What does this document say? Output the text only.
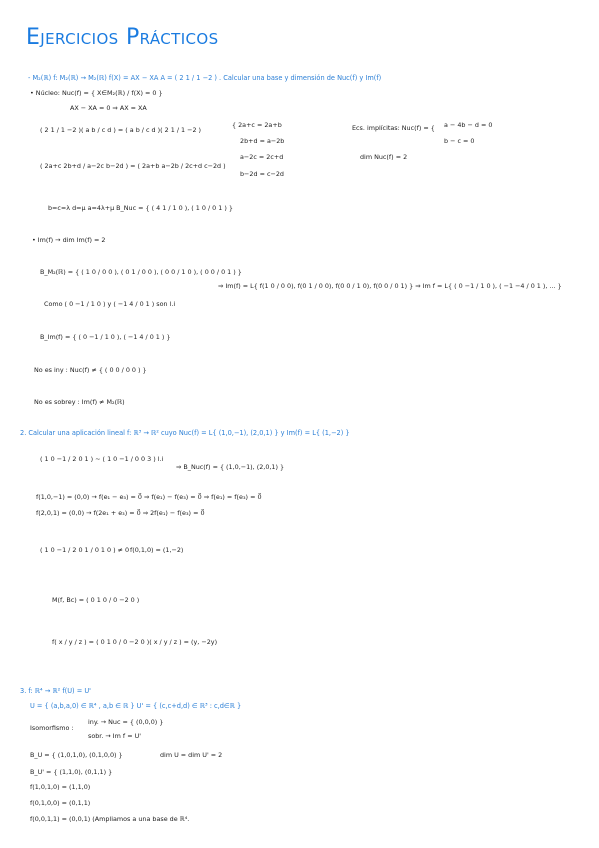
Ejercicios Prácticos
- M₂(ℝ) f: M₂(ℝ) → M₂(ℝ) f(X) = AX − XA A = ( 2 1 / 1 −2 ) . Calcular una base y dimensión de Nuc(f) y Im(f)
• Núcleo: Nuc(f) = { X∈M₂(ℝ) / f(X) = 0 }
AX − XA = 0 ⇒ AX = XA
( 2 1 / 1 −2 )( a b / c d ) = ( a b / c d )( 2 1 / 1 −2 )
{ 2a+c = 2a+b
2b+d = a−2b
a−2c = 2c+d
b−2d = c−2d
Ecs. implícitas: Nuc(f) = { a − 4b − d = 0
b − c = 0
dim Nuc(f) = 2
( 2a+c 2b+d / a−2c b−2d ) = ( 2a+b a−2b / 2c+d c−2d )
b=c=λ d=μ a=4λ+μ B_Nuc = { ( 4 1 / 1 0 ), ( 1 0 / 0 1 ) }
• Im(f) → dim Im(f) = 2
B_M₂(ℝ) = { ( 1 0 / 0 0 ), ( 0 1 / 0 0 ), ( 0 0 / 1 0 ), ( 0 0 / 0 1 ) }
⇒ Im(f) = L{ f(1 0 / 0 0), f(0 1 / 0 0), f(0 0 / 1 0), f(0 0 / 0 1) } ⇒ Im f = L{ ( 0 −1 / 1 0 ), ( −1 −4 / 0 1 ), ... }
Como ( 0 −1 / 1 0 ) y ( −1 4 / 0 1 ) son l.i
B_Im(f) = { ( 0 −1 / 1 0 ), ( −1 4 / 0 1 ) }
No es iny : Nuc(f) ≠ { ( 0 0 / 0 0 ) }
No es sobrey : Im(f) ≠ M₂(ℝ)
2. Calcular una aplicación lineal f: ℝ³ → ℝ² cuyo Nuc(f) = L{ (1,0,−1), (2,0,1) } y Im(f) = L{ (1,−2) }
( 1 0 −1 / 2 0 1 ) ~ ( 1 0 −1 / 0 0 3 ) l.i
⇒ B_Nuc(f) = { (1,0,−1), (2,0,1) }
f(1,0,−1) = (0,0) → f(e₁ − e₃) = 0⃗ ⇒ f(e₁) − f(e₃) = 0⃗ ⇒ f(e₁) = f(e₃) = 0⃗
f(2,0,1) = (0,0) → f(2e₁ + e₃) = 0⃗ ⇒ 2f(e₁) − f(e₃) = 0⃗
( 1 0 −1 / 2 0 1 / 0 1 0 ) ≠ 0 f(0,1,0) = (1,−2)
M(f, Bc) = ( 0 1 0 / 0 −2 0 )
f( x / y / z ) = ( 0 1 0 / 0 −2 0 )( x / y / z ) = (y, −2y)
3. f: ℝ⁴ → ℝ² f(U) = U'
U = { (a,b,a,0) ∈ ℝ⁴ , a,b ∈ ℝ } U' = { (c,c+d,d) ∈ ℝ³ : c,d∈ℝ }
Isomorfismo :
iny. → Nuc = { (0,0,0) }
sobr. → Im f = U'
B_U = { (1,0,1,0), (0,1,0,0) }	dim U = dim U' = 2
B_U' = { (1,1,0), (0,1,1) }
f(1,0,1,0) = (1,1,0)
f(0,1,0,0) = (0,1,1)
f(0,0,1,1) = (0,0,1) (Ampliamos a una base de ℝ⁴.
